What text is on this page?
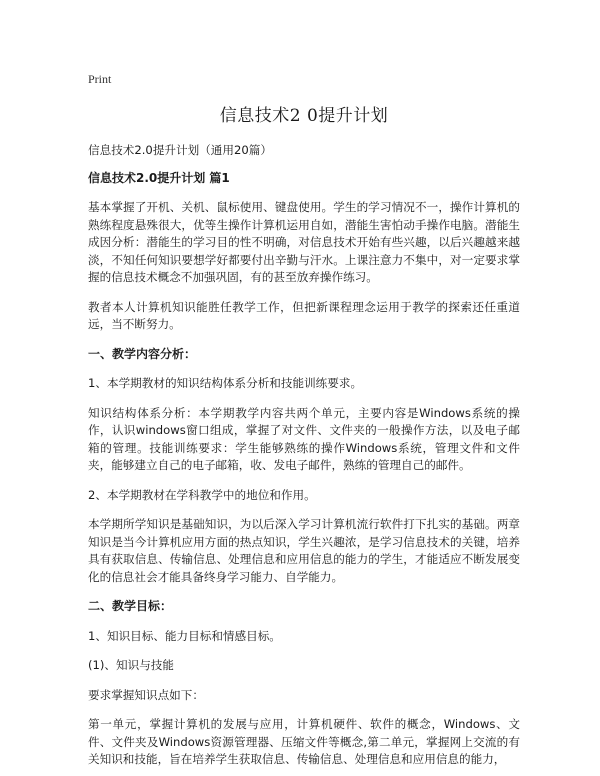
Print
信息技术2 0提升计划

信息技术2.0提升计划（通用20篇）

信息技术2.0提升计划 篇1

基本掌握了开机、关机、鼠标使用、键盘使用。学生的学习情况不一，操作计算机的熟练程度悬殊很大，优等生操作计算机运用自如，潜能生害怕动手操作电脑。潜能生成因分析：潜能生的学习目的性不明确，对信息技术开始有些兴趣，以后兴趣越来越淡，不知任何知识要想学好都要付出辛勤与汗水。上课注意力不集中，对一定要求掌握的信息技术概念不加强巩固，有的甚至放弃操作练习。

教者本人计算机知识能胜任教学工作，但把新课程理念运用于教学的探索还任重道远，当不断努力。

一、教学内容分析：

1、本学期教材的知识结构体系分析和技能训练要求。

知识结构体系分析：本学期教学内容共两个单元，主要内容是Windows系统的操作，认识windows窗口组成，掌握了对文件、文件夹的一般操作方法，以及电子邮箱的管理。技能训练要求：学生能够熟练的操作Windows系统，管理文件和文件夹，能够建立自己的电子邮箱，收、发电子邮件，熟练的管理自己的邮件。

2、本学期教材在学科教学中的地位和作用。

本学期所学知识是基础知识，为以后深入学习计算机流行软件打下扎实的基础。两章知识是当今计算机应用方面的热点知识，学生兴趣浓，是学习信息技术的关键，培养具有获取信息、传输信息、处理信息和应用信息的能力的学生，才能适应不断发展变化的信息社会才能具备终身学习能力、自学能力。

二、教学目标：

1、知识目标、能力目标和情感目标。

(1)、知识与技能

要求掌握知识点如下：

第一单元，掌握计算机的发展与应用，计算机硬件、软件的概念，Windows、文件、文件夹及Windows资源管理器、压缩文件等概念,第二单元，掌握网上交流的有关知识和技能，旨在培养学生获取信息、传输信息、处理信息和应用信息的能力，
